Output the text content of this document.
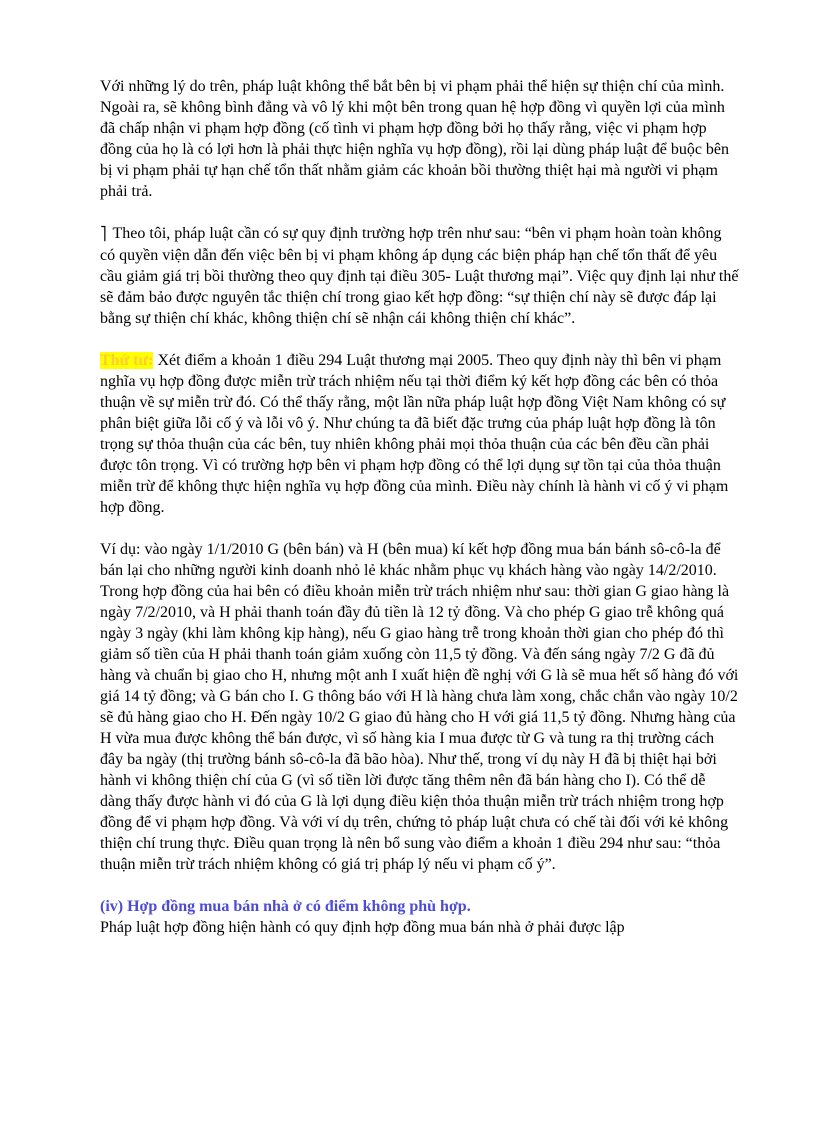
Với những lý do trên, pháp luật không thể bắt bên bị vi phạm phải thể hiện sự thiện chí của mình. Ngoài ra, sẽ không bình đẳng và vô lý khi một bên trong quan hệ hợp đồng vì quyền lợi của mình đã chấp nhận vi phạm hợp đồng (cố tình vi phạm hợp đồng bởi họ thấy rằng, việc vi phạm hợp đồng của họ là có lợi hơn là phải thực hiện nghĩa vụ hợp đồng), rồi lại dùng pháp luật để buộc bên bị vi phạm phải tự hạn chế tổn thất nhằm giảm các khoản bồi thường thiệt hại mà người vi phạm phải trả.

⎤ Theo tôi, pháp luật cần có sự quy định trường hợp trên như sau: “bên vi phạm hoàn toàn không có quyền viện dẫn đến việc bên bị vi phạm không áp dụng các biện pháp hạn chế tổn thất để yêu cầu giảm giá trị bồi thường theo quy định tại điều 305- Luật thương mại”. Việc quy định lại như thế sẽ đảm bảo được nguyên tắc thiện chí trong giao kết hợp đồng: “sự thiện chí này sẽ được đáp lại bằng sự thiện chí khác, không thiện chí sẽ nhận cái không thiện chí khác”.

Thứ tư: Xét điểm a khoản 1 điều 294 Luật thương mại 2005. Theo quy định này thì bên vi phạm nghĩa vụ hợp đồng được miễn trừ trách nhiệm nếu tại thời điểm ký kết hợp đồng các bên có thỏa thuận về sự miễn trừ đó. Có thể thấy rằng, một lần nữa pháp luật hợp đồng Việt Nam không có sự phân biệt giữa lỗi cố ý và lỗi vô ý. Như chúng ta đã biết đặc trưng của pháp luật hợp đồng là tôn trọng sự thỏa thuận của các bên, tuy nhiên không phải mọi thỏa thuận của các bên đều cần phải được tôn trọng. Vì có trường hợp bên vi phạm hợp đồng có thể lợi dụng sự tồn tại của thỏa thuận miễn trừ để không thực hiện nghĩa vụ hợp đồng của mình. Điều này chính là hành vi cố ý vi phạm hợp đồng.

Ví dụ: vào ngày 1/1/2010 G (bên bán) và H (bên mua) kí kết hợp đồng mua bán bánh sô-cô-la để bán lại cho những người kinh doanh nhỏ lẻ khác nhằm phục vụ khách hàng vào ngày 14/2/2010. Trong hợp đồng của hai bên có điều khoản miễn trừ trách nhiệm như sau: thời gian G giao hàng là ngày 7/2/2010, và H phải thanh toán đầy đủ tiền là 12 tỷ đồng. Và cho phép G giao trễ không quá ngày 3 ngày (khi làm không kịp hàng), nếu G giao hàng trễ trong khoản thời gian cho phép đó thì giảm số tiền của H phải thanh toán giảm xuống còn 11,5 tỷ đồng. Và đến sáng ngày 7/2 G đã đủ hàng và chuẩn bị giao cho H, nhưng một anh I xuất hiện đề nghị với G là sẽ mua hết số hàng đó với giá 14 tỷ đồng; và G bán cho I. G thông báo với H là hàng chưa làm xong, chắc chắn vào ngày 10/2 sẽ đủ hàng giao cho H. Đến ngày 10/2 G giao đủ hàng cho H với giá 11,5 tỷ đồng. Nhưng hàng của H vừa mua được không thể bán được, vì số hàng kia I mua được từ G và tung ra thị trường cách đây ba ngày (thị trường bánh sô-cô-la đã bão hòa). Như thế, trong ví dụ này H đã bị thiệt hại bởi hành vi không thiện chí của G (vì số tiền lời được tăng thêm nên đã bán hàng cho I). Có thể dễ dàng thấy được hành vi đó của G là lợi dụng điều kiện thỏa thuận miễn trừ trách nhiệm trong hợp đồng để vi phạm hợp đồng. Và với ví dụ trên, chứng tỏ pháp luật chưa có chế tài đối với kẻ không thiện chí trung thực. Điều quan trọng là nên bổ sung vào điểm a khoản 1 điều 294 như sau: “thỏa thuận miễn trừ trách nhiệm không có giá trị pháp lý nếu vi phạm cố ý”.

(iv) Hợp đồng mua bán nhà ở có điểm không phù hợp.

Pháp luật hợp đồng hiện hành có quy định hợp đồng mua bán nhà ở phải được lập
